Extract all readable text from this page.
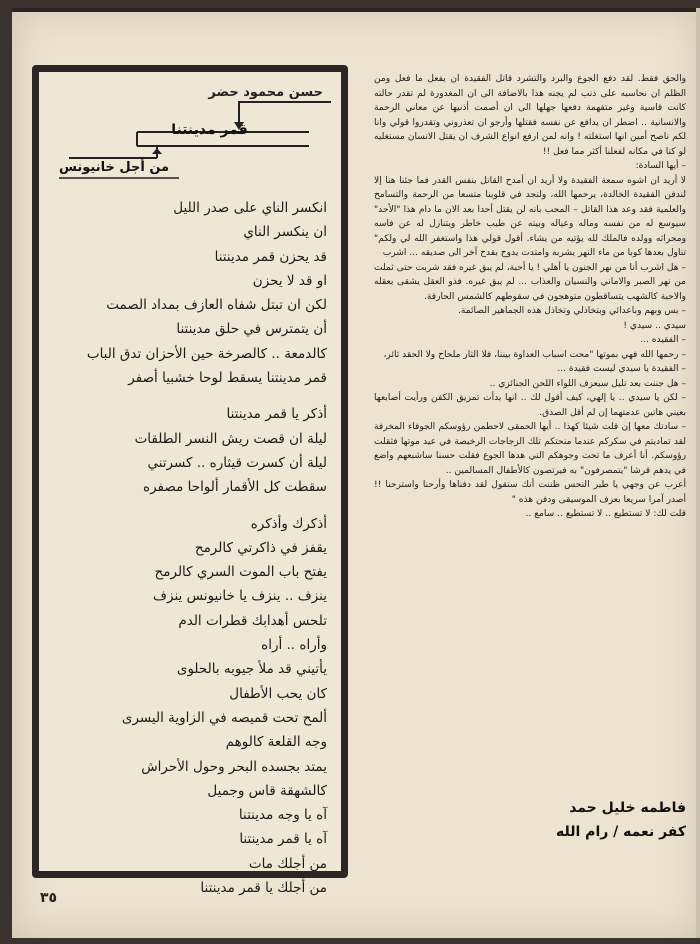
حسن محمود حضر
قمر مدينتنا
من أجل خانيونس
انكسر الناي على صدر الليل
ان ينكسر الناي
قد يحزن قمر مدينتنا
او قد لا يحزن
لكن ان تبتل شفاه العازف بمداد الصمت
أن يتمترس في حلق مدينتنا
كالدمعة .. كالصرخة حين الأحزان تدق الباب
قمر مدينتنا يسقط لوحا خشبيا أصفر
أذكر يا قمر مدينتنا
ليلة ان قصت ريش النسر الطلقات
ليلة أن كسرت قيثاره .. كسرتني
سقطت كل الأقمار ألواحا مصفره
أذكرك وأذكره
يقفز في ذاكرتي كالرمح
يفتح باب الموت السري كالرمح
ينزف .. ينزف يا خانيونس ينزف
تلحس أهدابك قطرات الدم
وأراه .. أراه
يأتيني قد ملأ جيوبه بالحلوى
كان يحب الأطفال
ألمح تحت قميصه في الزاوية اليسرى
وجه القلعة كالوهم
يمتد بجسده البحر وحول الأحراش
كالشهقة قاس وجميل
آه يا وجه مدينتنا
آه يا قمر مدينتنا
من أجلك مات
من أجلك يا قمر مدينتنا

والحق فقط. لقد دفع الجوع والبرد والتشرد قاتل الفقيدة ان يفعل ما فعل ومن الظلم ان نحاسبه على ذنب لم يجنه هذا بالاضافة الى ان المغدورة لم تقدر حالته كانت قاسية وغير متفهمة دفعها جهلها الى ان أصمت أذنيها عن معاني الرحمة والانسانية .. اضطر ان يدافع عن نفسه فقتلها وأرجو ان تعذروني وتقدروا قولي وانا لكم ناصح أمين انها استغلته ! وانه لمن ارفع انواع الشرف ان يقتل الانسان مستغليه لو كنا في مكانه لفعلنا أكثر مما فعل !!

– أيها السادة:

لا أريد ان اشوه سمعة الفقيدة ولا أريد ان أمدح القاتل بنفس القدر فما جئنا هنا إلا لندفن الفقيدة الخالدة، يرحمها الله، ولنجد في قلوبنا متسعا من الرحمة والتسامح والعلمية فقد وعد هذا القاتل – المحب بانه لن يقتل أحدا بعد الان ما دام هذا "الأحد" سيوسع له من نفسه وماله وعياله وبيته عن طيب خاطر ويتنازل له عن فاسه ومحراثه وولده فالملك لله يؤتيه من يشاء. أقول قولي هذا واستغفر الله لي ولكم" تناول بعدها كوبا من ماء النهر يشربه وامتدت يدوح بقدح آخر الى صديقه ... اشرب

– هل اشرب أنا من نهر الجنون يا أهلي ! يا أحبة، لم يبق غيره فقد شربت حتى ثملت من نهر الصبر والاماني والنسيان والعذاب ... لم يبق غيره. فذو العقل يشقى بعقله والاحبة كالشهب يتساقطون متوهجون في سقوطهم كالشمس الحارقة.

– بس وبهم وباعدائي وبتخاذلي وتخاذل هذه الجماهير الصائمة.

سيدي .. سيدي !

– الفقيده ...

– رحمها الله فهي بموتها "محت اسباب العداوة بيننا، فلا الثار ملحاح ولا الحقد ثائر،

– الفقيدة يا سيدي ليست فقيدة ...

– هل جننت بعد تليل سيعزف اللواء اللحن الجنائزي ..

– لكن يا سيدي .. يا إلهي، كيف أقول لك .. انها بدأت تمزيق الكفن ورأيت أصابعها بعيني هاتين عدمتهما إن لم أقل الصدق.

– سادتك معها إن قلت شيئا كهذا .. أيها الحمقى لاحطمن رؤوسكم الجوفاء المخرفة لقد تماديتم في سكركم عندما منحتكم تلك الزجاجات الرخيصة في عيد موتها فثقلت رؤوسكم. أنا أعرف ما تحت وجوهكم التي هدها الجوع فقلت حسنا ساشبعهم واضع في يدهم قرشا "يتمصرفون" به فيرتصون كالأطفال المسالمين ..

أعرب عن وجهي يا طير النحس ظننت أنك ستقول لقد دفناها وأرحنا واسترحنا !! أصدر آمرا سريعا بعزف الموسيقى ودفن هذه "

قلت لك: لا تستطيع .. لا تستطيع .. سامع ..

فاطمه خليل حمد
كفر نعمه / رام الله
٣٥
